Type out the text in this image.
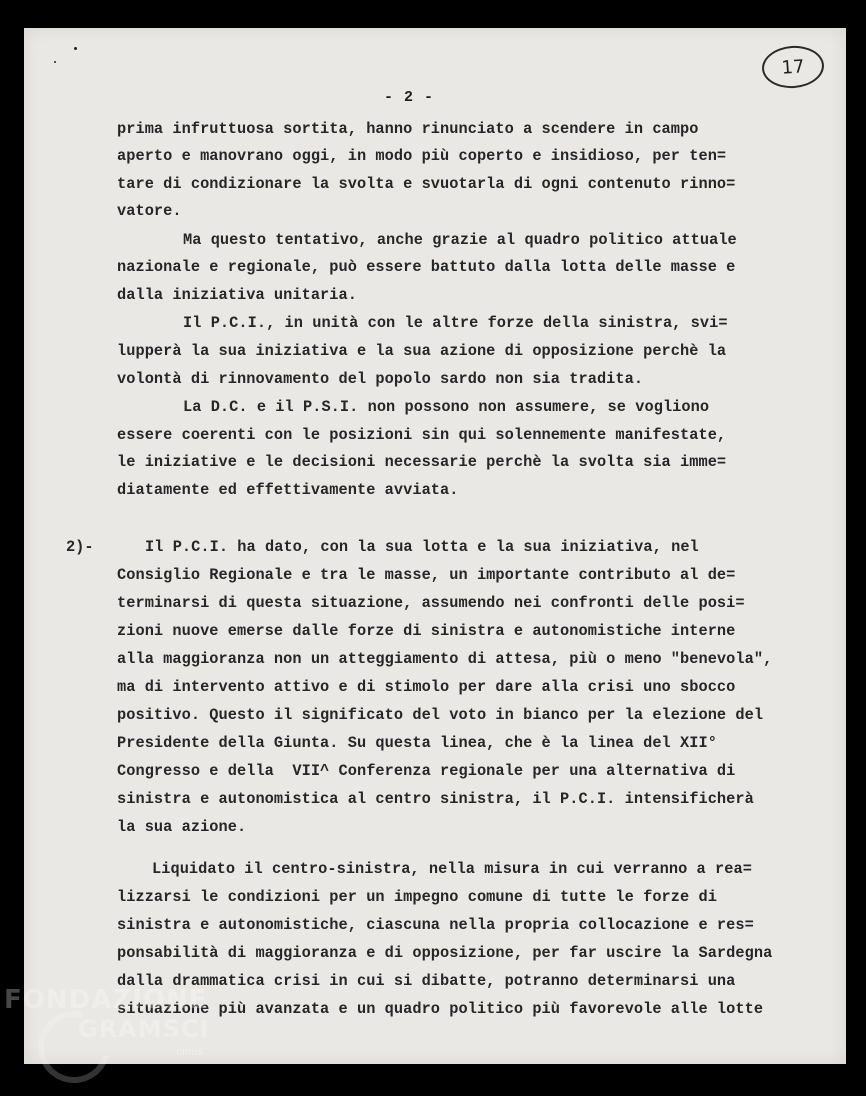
- 2 -
17
2)-

prima infruttuosa sortita, hanno rinunciato a scendere in campo

aperto e manovrano oggi, in modo più coperto e insidioso, per ten=

tare di condizionare la svolta e svuotarla di ogni contenuto rinno=

vatore.

Ma questo tentativo, anche grazie al quadro politico attuale

nazionale e regionale, può essere battuto dalla lotta delle masse e

dalla iniziativa unitaria.

Il P.C.I., in unità con le altre forze della sinistra, svi=

lupperà la sua iniziativa e la sua azione di opposizione perchè la

volontà di rinnovamento del popolo sardo non sia tradita.

La D.C. e il P.S.I. non possono non assumere, se vogliono

essere coerenti con le posizioni sin qui solennemente manifestate,

le iniziative e le decisioni necessarie perchè la svolta sia imme=

diatamente ed effettivamente avviata.

Il P.C.I. ha dato, con la sua lotta e la sua iniziativa, nel

Consiglio Regionale e tra le masse, un importante contributo al de=

terminarsi di questa situazione, assumendo nei confronti delle posi=

zioni nuove emerse dalle forze di sinistra e autonomistiche interne

alla maggioranza non un atteggiamento di attesa, più o meno "benevola",

ma di intervento attivo e di stimolo per dare alla crisi uno sbocco

positivo. Questo il significato del voto in bianco per la elezione del

Presidente della Giunta. Su questa linea, che è la linea del XII°

Congresso e della  VII^ Conferenza regionale per una alternativa di

sinistra e autonomistica al centro sinistra, il P.C.I. intensificherà

la sua azione.

Liquidato il centro-sinistra, nella misura in cui verranno a rea=

lizzarsi le condizioni per un impegno comune di tutte le forze di

sinistra e autonomistiche, ciascuna nella propria collocazione e res=

ponsabilità di maggioranza e di opposizione, per far uscire la Sardegna

dalla drammatica crisi in cui si dibatte, potranno determinarsi una

situazione più avanzata e un quadro politico più favorevole alle lotte

FONDAZIONE
GRAMSCI
onlus
